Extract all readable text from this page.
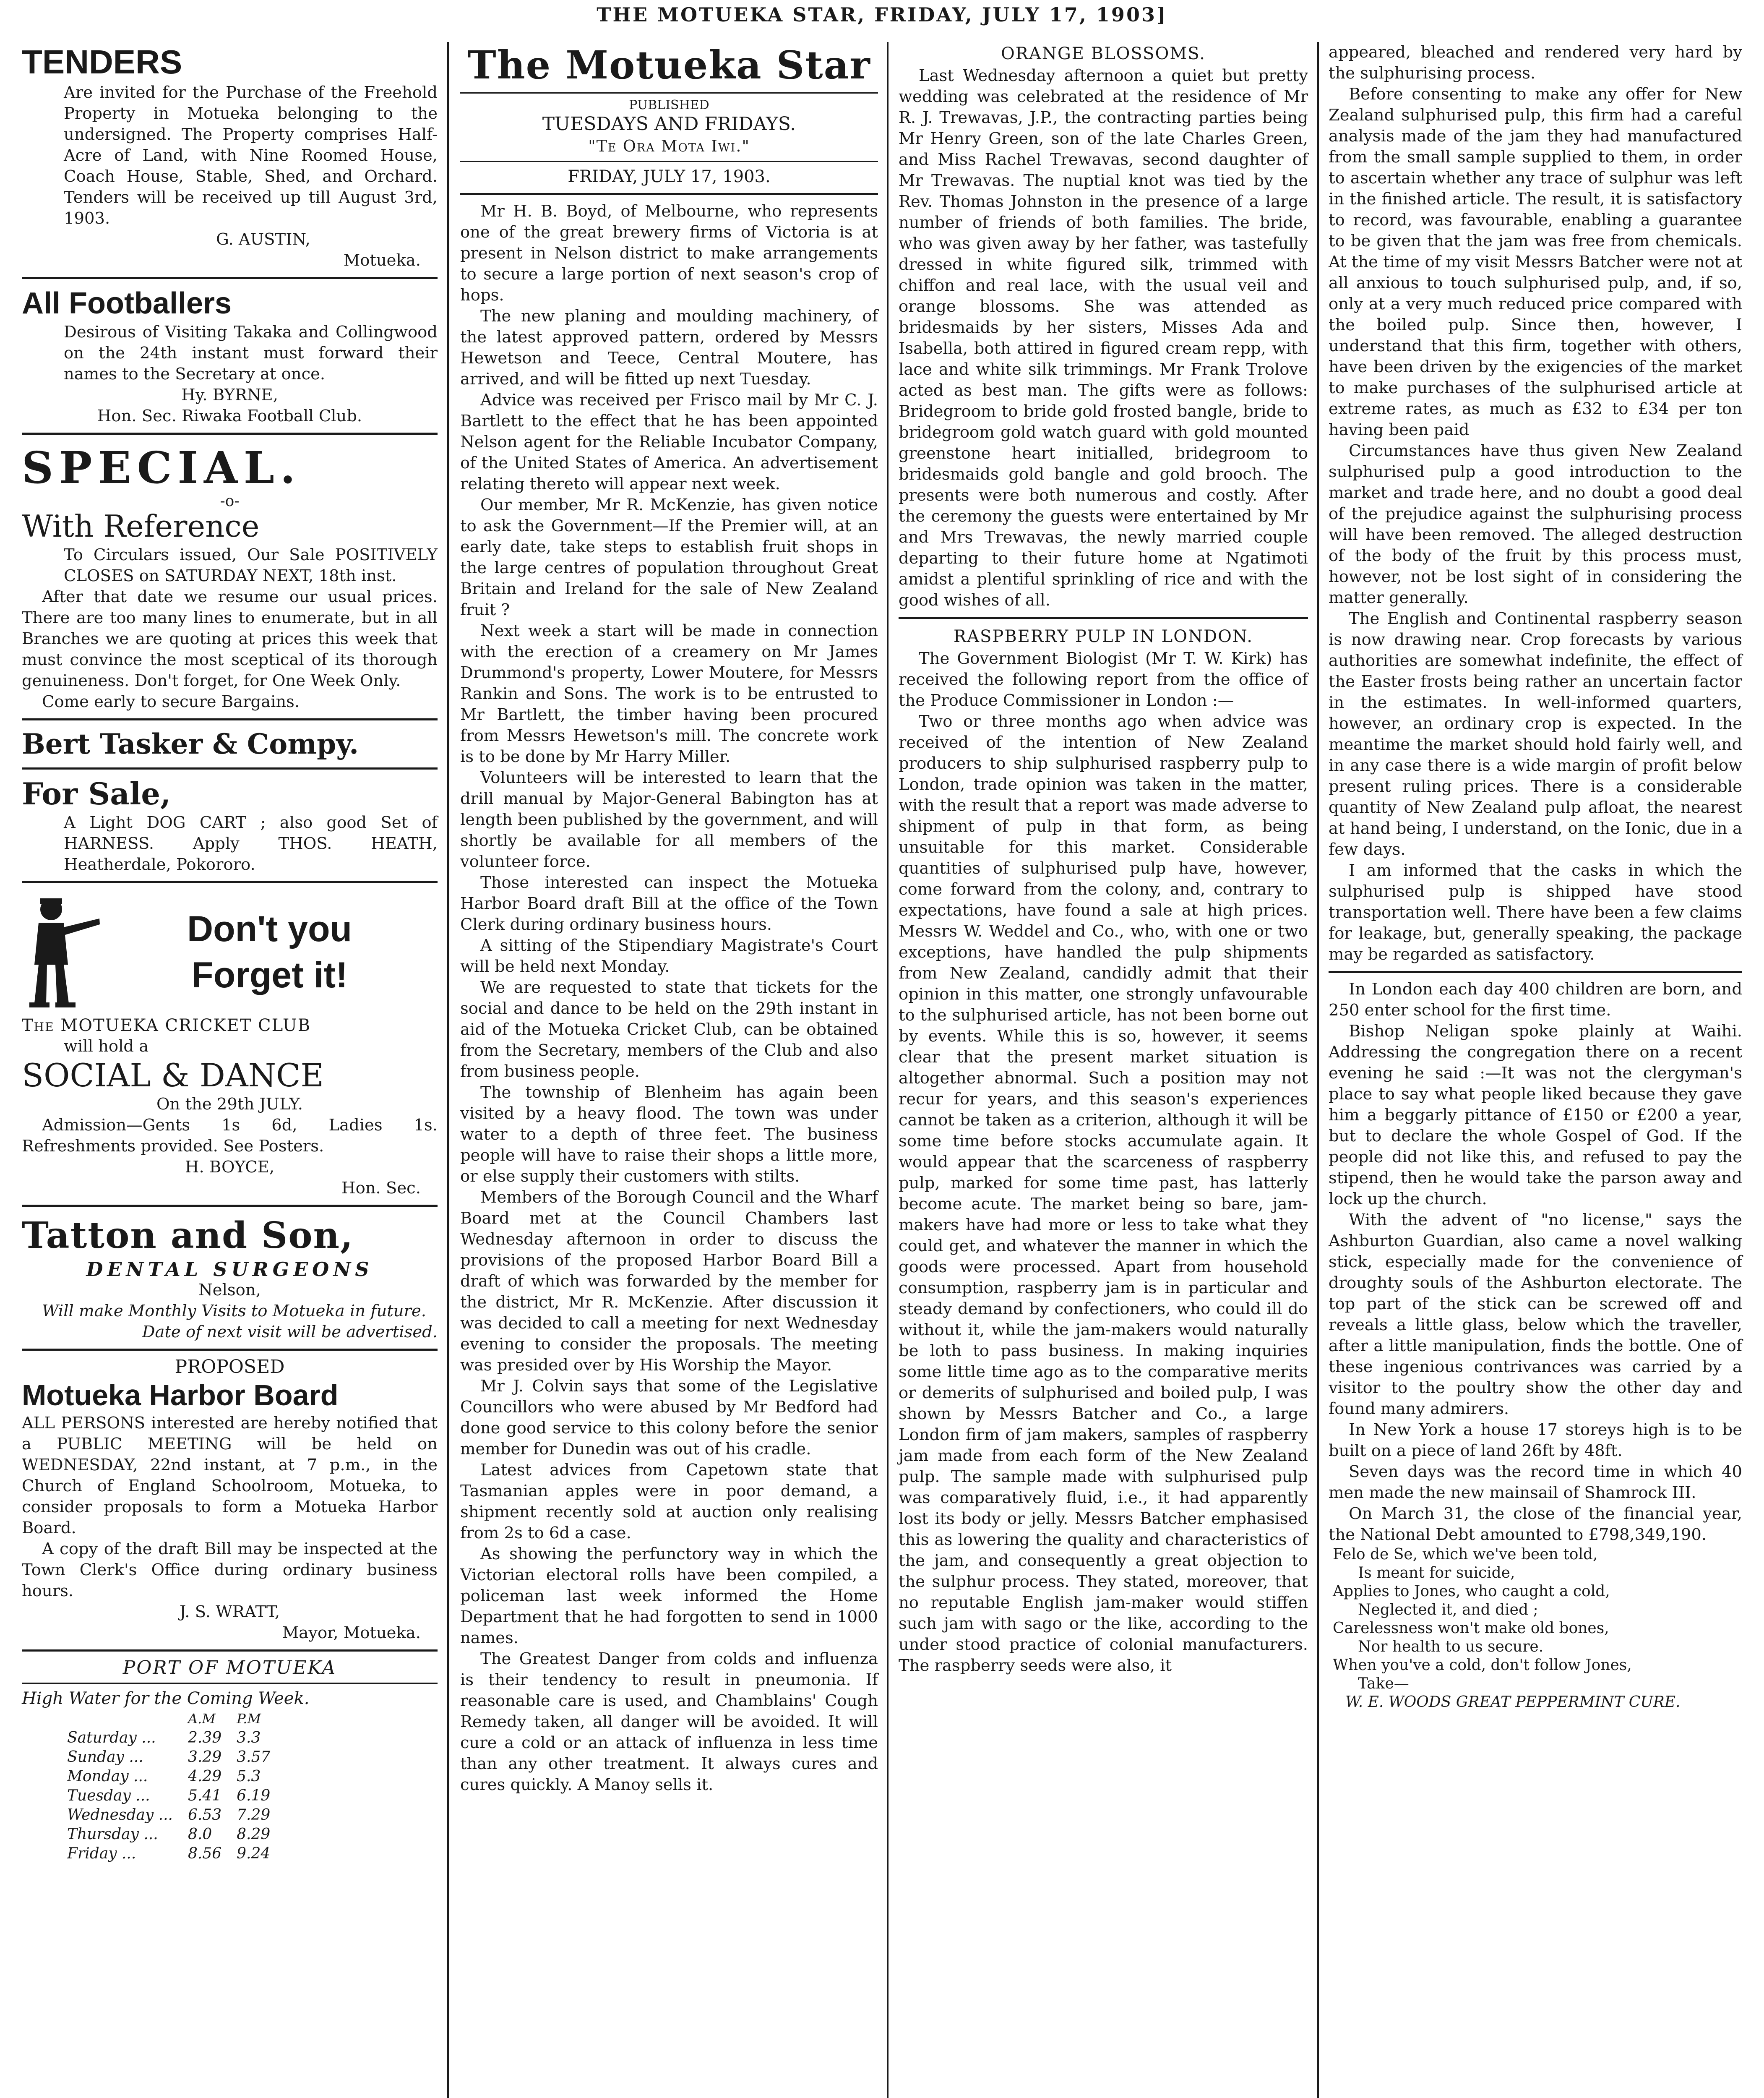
THE MOTUEKA STAR, FRIDAY, JULY 17, 1903]
TENDERS

Are invited for the Purchase of the Freehold Property in Motueka belonging to the undersigned. The Property comprises Half-Acre of Land, with Nine Roomed House, Coach House, Stable, Shed, and Orchard. Tenders will be received up till August 3rd, 1903.

G. AUSTIN,
Motueka.
All Footballers

Desirous of Visiting Takaka and Collingwood on the 24th instant must forward their names to the Secretary at once.

Hy. BYRNE,
Hon. Sec. Riwaka Football Club.
SPECIAL.
-o-
With Reference

To Circulars issued, Our Sale POSITIVELY CLOSES on SATURDAY NEXT, 18th inst.

After that date we resume our usual prices. There are too many lines to enumerate, but in all Branches we are quoting at prices this week that must convince the most sceptical of its thorough genuineness. Don't forget, for One Week Only.

Come early to secure Bargains.

Bert Tasker & Compy.
For Sale,

A Light DOG CART ; also good Set of HARNESS. Apply THOS. HEATH, Heatherdale, Pokororo.

Don't you
Forget it!
The MOTUEKA CRICKET CLUB
will hold a
SOCIAL & DANCE
On the 29th JULY.

Admission—Gents 1s 6d, Ladies 1s. Refreshments provided. See Posters.

H. BOYCE,
Hon. Sec.
Tatton and Son,
DENTAL SURGEONS
Nelson,

Will make Monthly Visits to Motueka in future.

Date of next visit will be advertised.
PROPOSED
Motueka Harbor Board

ALL PERSONS interested are hereby notified that a PUBLIC MEETING will be held on WEDNESDAY, 22nd instant, at 7 p.m., in the Church of England Schoolroom, Motueka, to consider proposals to form a Motueka Harbor Board.

A copy of the draft Bill may be inspected at the Town Clerk's Office during ordinary business hours.

J. S. WRATT,
Mayor, Motueka.
PORT OF MOTUEKA
High Water for the Coming Week.
	A.M	P.M
Saturday ...	2.39	3.3
Sunday ...	3.29	3.57
Monday ...	4.29	5.3
Tuesday ...	5.41	6.19
Wednesday ...	6.53	7.29
Thursday ...	8.0	8.29
Friday ...	8.56	9.24
The Motueka Star
PUBLISHED
TUESDAYS AND FRIDAYS.
"Te Ora Mota Iwi."
FRIDAY, JULY 17, 1903.

Mr H. B. Boyd, of Melbourne, who represents one of the great brewery firms of Victoria is at present in Nelson district to make arrangements to secure a large portion of next season's crop of hops.

The new planing and moulding machinery, of the latest approved pattern, ordered by Messrs Hewetson and Teece, Central Moutere, has arrived, and will be fitted up next Tuesday.

Advice was received per Frisco mail by Mr C. J. Bartlett to the effect that he has been appointed Nelson agent for the Reliable Incubator Company, of the United States of America. An advertisement relating thereto will appear next week.

Our member, Mr R. McKenzie, has given notice to ask the Government—If the Premier will, at an early date, take steps to establish fruit shops in the large centres of population throughout Great Britain and Ireland for the sale of New Zealand fruit ?

Next week a start will be made in connection with the erection of a creamery on Mr James Drummond's property, Lower Moutere, for Messrs Rankin and Sons. The work is to be entrusted to Mr Bartlett, the timber having been procured from Messrs Hewetson's mill. The concrete work is to be done by Mr Harry Miller.

Volunteers will be interested to learn that the drill manual by Major-General Babington has at length been published by the government, and will shortly be available for all members of the volunteer force.

Those interested can inspect the Motueka Harbor Board draft Bill at the office of the Town Clerk during ordinary business hours.

A sitting of the Stipendiary Magistrate's Court will be held next Monday.

We are requested to state that tickets for the social and dance to be held on the 29th instant in aid of the Motueka Cricket Club, can be obtained from the Secretary, members of the Club and also from business people.

The township of Blenheim has again been visited by a heavy flood. The town was under water to a depth of three feet. The business people will have to raise their shops a little more, or else supply their customers with stilts.

Members of the Borough Council and the Wharf Board met at the Council Chambers last Wednesday afternoon in order to discuss the provisions of the proposed Harbor Board Bill a draft of which was forwarded by the member for the district, Mr R. McKenzie. After discussion it was decided to call a meeting for next Wednesday evening to consider the proposals. The meeting was presided over by His Worship the Mayor.

Mr J. Colvin says that some of the Legislative Councillors who were abused by Mr Bedford had done good service to this colony before the senior member for Dunedin was out of his cradle.

Latest advices from Capetown state that Tasmanian apples were in poor demand, a shipment recently sold at auction only realising from 2s to 6d a case.

As showing the perfunctory way in which the Victorian electoral rolls have been compiled, a policeman last week informed the Home Department that he had forgotten to send in 1000 names.

The Greatest Danger from colds and influenza is their tendency to result in pneumonia. If reasonable care is used, and Chamblains' Cough Remedy taken, all danger will be avoided. It will cure a cold or an attack of influenza in less time than any other treatment. It always cures and cures quickly. A Manoy sells it.

ORANGE BLOSSOMS.

Last Wednesday afternoon a quiet but pretty wedding was celebrated at the residence of Mr R. J. Trewavas, J.P., the contracting parties being Mr Henry Green, son of the late Charles Green, and Miss Rachel Trewavas, second daughter of Mr Trewavas. The nuptial knot was tied by the Rev. Thomas Johnston in the presence of a large number of friends of both families. The bride, who was given away by her father, was tastefully dressed in white figured silk, trimmed with chiffon and real lace, with the usual veil and orange blossoms. She was attended as bridesmaids by her sisters, Misses Ada and Isabella, both attired in figured cream repp, with lace and white silk trimmings. Mr Frank Trolove acted as best man. The gifts were as follows: Bridegroom to bride gold frosted bangle, bride to bridegroom gold watch guard with gold mounted greenstone heart initialled, bridegroom to bridesmaids gold bangle and gold brooch. The presents were both numerous and costly. After the ceremony the guests were entertained by Mr and Mrs Trewavas, the newly married couple departing to their future home at Ngatimoti amidst a plentiful sprinkling of rice and with the good wishes of all.

RASPBERRY PULP IN LONDON.

The Government Biologist (Mr T. W. Kirk) has received the following report from the office of the Produce Commissioner in London :—

Two or three months ago when advice was received of the intention of New Zealand producers to ship sulphurised raspberry pulp to London, trade opinion was taken in the matter, with the result that a report was made adverse to shipment of pulp in that form, as being unsuitable for this market. Considerable quantities of sulphurised pulp have, however, come forward from the colony, and, contrary to expectations, have found a sale at high prices. Messrs W. Weddel and Co., who, with one or two exceptions, have handled the pulp shipments from New Zealand, candidly admit that their opinion in this matter, one strongly unfavourable to the sulphurised article, has not been borne out by events. While this is so, however, it seems clear that the present market situation is altogether abnormal. Such a position may not recur for years, and this season's experiences cannot be taken as a criterion, although it will be some time before stocks accumulate again. It would appear that the scarceness of raspberry pulp, marked for some time past, has latterly become acute. The market being so bare, jam-makers have had more or less to take what they could get, and whatever the manner in which the goods were processed. Apart from household consumption, raspberry jam is in particular and steady demand by confectioners, who could ill do without it, while the jam-makers would naturally be loth to pass business. In making inquiries some little time ago as to the comparative merits or demerits of sulphurised and boiled pulp, I was shown by Messrs Batcher and Co., a large London firm of jam makers, samples of raspberry jam made from each form of the New Zealand pulp. The sample made with sulphurised pulp was comparatively fluid, i.e., it had apparently lost its body or jelly. Messrs Batcher emphasised this as lowering the quality and characteristics of the jam, and consequently a great objection to the sulphur process. They stated, moreover, that no reputable English jam-maker would stiffen such jam with sago or the like, according to the under stood practice of colonial manufacturers. The raspberry seeds were also, it

appeared, bleached and rendered very hard by the sulphurising process.

Before consenting to make any offer for New Zealand sulphurised pulp, this firm had a careful analysis made of the jam they had manufactured from the small sample supplied to them, in order to ascertain whether any trace of sulphur was left in the finished article. The result, it is satisfactory to record, was favourable, enabling a guarantee to be given that the jam was free from chemicals. At the time of my visit Messrs Batcher were not at all anxious to touch sulphurised pulp, and, if so, only at a very much reduced price compared with the boiled pulp. Since then, however, I understand that this firm, together with others, have been driven by the exigencies of the market to make purchases of the sulphurised article at extreme rates, as much as £32 to £34 per ton having been paid

Circumstances have thus given New Zealand sulphurised pulp a good introduction to the market and trade here, and no doubt a good deal of the prejudice against the sulphurising process will have been removed. The alleged destruction of the body of the fruit by this process must, however, not be lost sight of in considering the matter generally.

The English and Continental raspberry season is now drawing near. Crop forecasts by various authorities are somewhat indefinite, the effect of the Easter frosts being rather an uncertain factor in the estimates. In well-informed quarters, however, an ordinary crop is expected. In the meantime the market should hold fairly well, and in any case there is a wide margin of profit below present ruling prices. There is a considerable quantity of New Zealand pulp afloat, the nearest at hand being, I understand, on the Ionic, due in a few days.

I am informed that the casks in which the sulphurised pulp is shipped have stood transportation well. There have been a few claims for leakage, but, generally speaking, the package may be regarded as satisfactory.

In London each day 400 children are born, and 250 enter school for the first time.

Bishop Neligan spoke plainly at Waihi. Addressing the congregation there on a recent evening he said :—It was not the clergyman's place to say what people liked because they gave him a beggarly pittance of £150 or £200 a year, but to declare the whole Gospel of God. If the people did not like this, and refused to pay the stipend, then he would take the parson away and lock up the church.

With the advent of "no license," says the Ashburton Guardian, also came a novel walking stick, especially made for the convenience of droughty souls of the Ashburton electorate. The top part of the stick can be screwed off and reveals a little glass, below which the traveller, after a little manipulation, finds the bottle. One of these ingenious contrivances was carried by a visitor to the poultry show the other day and found many admirers.

In New York a house 17 storeys high is to be built on a piece of land 26ft by 48ft.

Seven days was the record time in which 40 men made the new mainsail of Shamrock III.

On March 31, the close of the financial year, the National Debt amounted to £798,349,190.

Felo de Se, which we've been told,
Is meant for suicide,
Applies to Jones, who caught a cold,
Neglected it, and died ;
Carelessness won't make old bones,
Nor health to us secure.
When you've a cold, don't follow Jones,
Take—
W. E. WOODS GREAT PEPPERMINT CURE.
